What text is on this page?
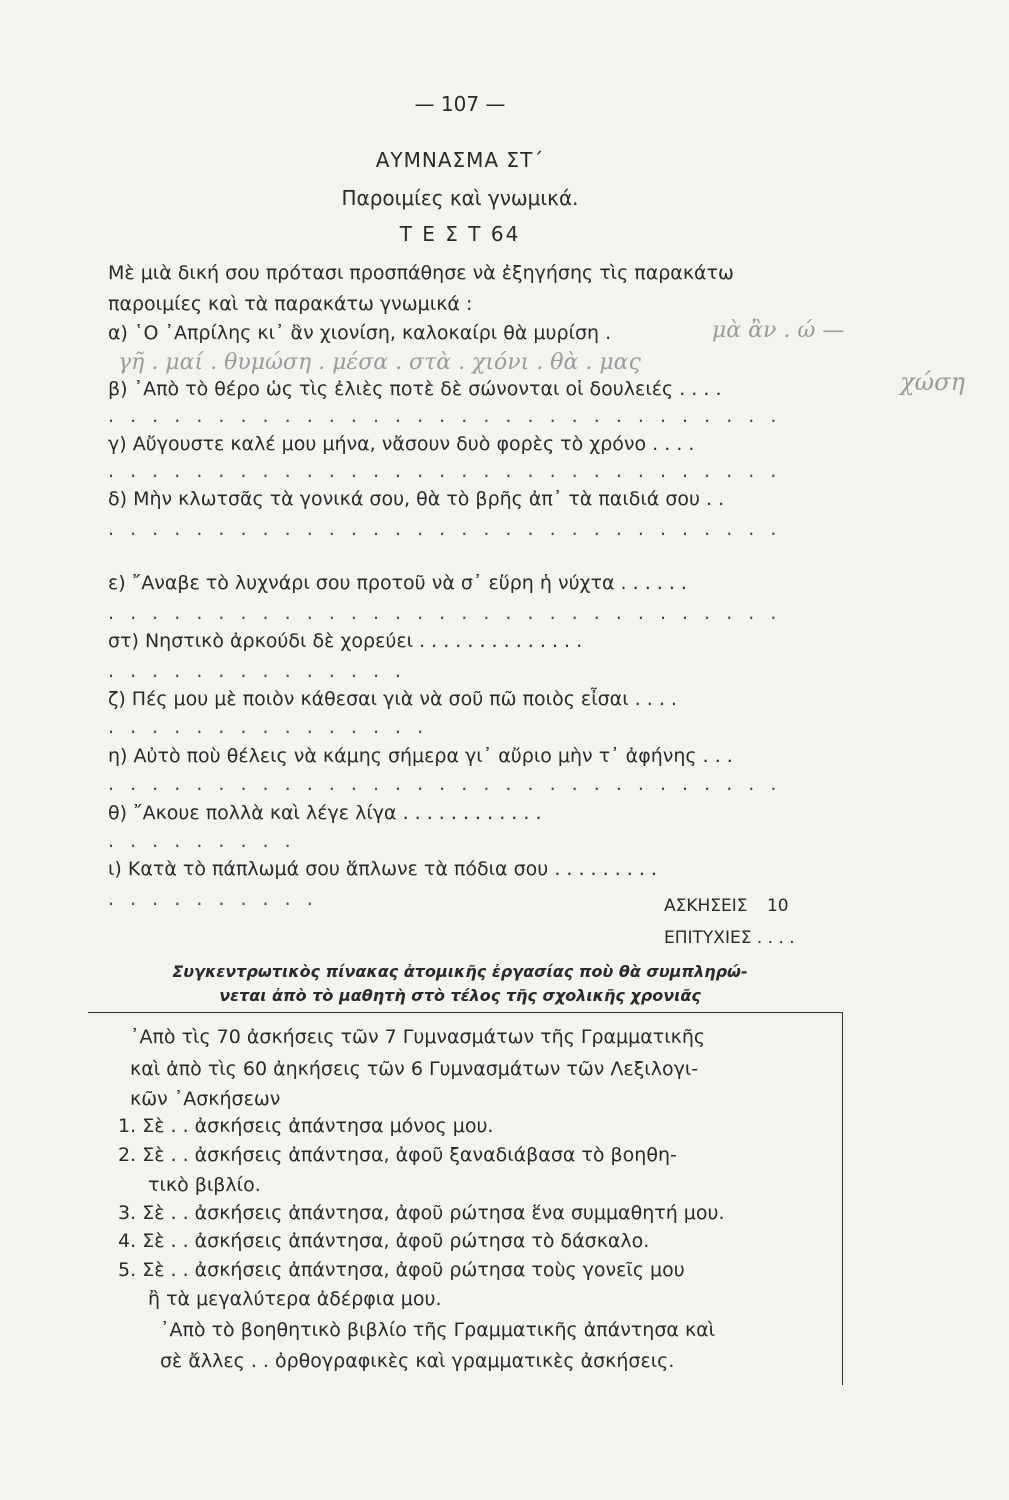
— 107 —
ΑΥΜΝΑΣΜΑ ΣΤ΄
Παροιμίες καὶ γνωμικά.
Τ Ε Σ Τ 64
Μὲ μιὰ δική σου πρότασι προσπάθησε νὰ ἐξηγήσης τὶς παρακάτω
παροιμίες καὶ τὰ παρακάτω γνωμικά :
α) ῾Ο ᾿Απρίλης κι᾿ ἂν χιονίση, καλοκαίρι θὰ μυρίση .	μὰ ἂν . ώ —
γῆ . μαί . θυμώση . μέσα . στὰ . χιόνι . θὰ . μας
χώση
β) ᾿Απὸ τὸ θέρο ὡς τὶς ἐλιὲς ποτὲ δὲ σώνονται οἱ δουλειές . . . .
. . . . . . . . . . . . . . . . . . . . . . . . . . . . . . .
γ) Αὔγουστε καλέ μου μήνα, νἄσουν δυὸ φορὲς τὸ χρόνο . . . .
. . . . . . . . . . . . . . . . . . . . . . . . . . . . . . .
δ) Μὴν κλωτσᾶς τὰ γονικά σου, θὰ τὸ βρῆς ἀπ᾿ τὰ παιδιά σου . .
. . . . . . . . . . . . . . . . . . . . . . . . . . . . . . .
ε) ῎Αναβε τὸ λυχνάρι σου προτοῦ νὰ σ᾿ εὕρη ἡ νύχτα . . . . . .
. . . . . . . . . . . . . . . . . . . . . . . . . . . . . . .
στ) Νηστικὸ ἀρκούδι δὲ χορεύει . . . . . . . . . . . . . .
. . . . . . . . . . . . . .
ζ) Πές μου μὲ ποιὸν κάθεσαι γιὰ νὰ σοῦ πῶ ποιὸς εἶσαι . . . .
. . . . . . . . . . . . . . .
η) Αὐτὸ ποὺ θέλεις νὰ κάμης σήμερα γι᾿ αὔριο μὴν τ᾿ ἀφήνης . . .
. . . . . . . . . . . . . . . . . . . . . . . . . . . . . . .
θ) ῎Ακουε πολλὰ καὶ λέγε λίγα . . . . . . . . . . . .
. . . . . . . . .
ι) Κατὰ τὸ πάπλωμά σου ἅπλωνε τὰ πόδια σου . . . . . . . . .
. . . . . . . . . .	ΑΣΚΗΣΕΙΣ 10
ΕΠΙΤΥΧΙΕΣ . . . .
Συγκεντρωτικὸς πίνακας ἀτομικῆς ἐργασίας ποὺ θὰ συμπληρώ-
νεται ἀπὸ τὸ μαθητὴ στὸ τέλος τῆς σχολικῆς χρονιᾶς
᾿Απὸ τὶς 70 ἀσκήσεις τῶν 7 Γυμνασμάτων τῆς Γραμματικῆς
καὶ ἀπὸ τὶς 60 ἀηκήσεις τῶν 6 Γυμνασμάτων τῶν Λεξιλογι-
κῶν ᾿Ασκήσεων
1. Σὲ . . ἀσκήσεις ἀπάντησα μόνος μου.
2. Σὲ . . ἀσκήσεις ἀπάντησα, ἀφοῦ ξαναδιάβασα τὸ βοηθη-
τικὸ βιβλίο.
3. Σὲ . . ἀσκήσεις ἀπάντησα, ἀφοῦ ρώτησα ἕνα συμμαθητή μου.
4. Σὲ . . ἀσκήσεις ἀπάντησα, ἀφοῦ ρώτησα τὸ δάσκαλο.
5. Σὲ . . ἀσκήσεις ἀπάντησα, ἀφοῦ ρώτησα τοὺς γονεῖς μου
ἢ τὰ μεγαλύτερα ἀδέρφια μου.
᾿Απὸ τὸ βοηθητικὸ βιβλίο τῆς Γραμματικῆς ἀπάντησα καὶ
σὲ ἄλλες . . ὀρθογραφικὲς καὶ γραμματικὲς ἀσκήσεις.
